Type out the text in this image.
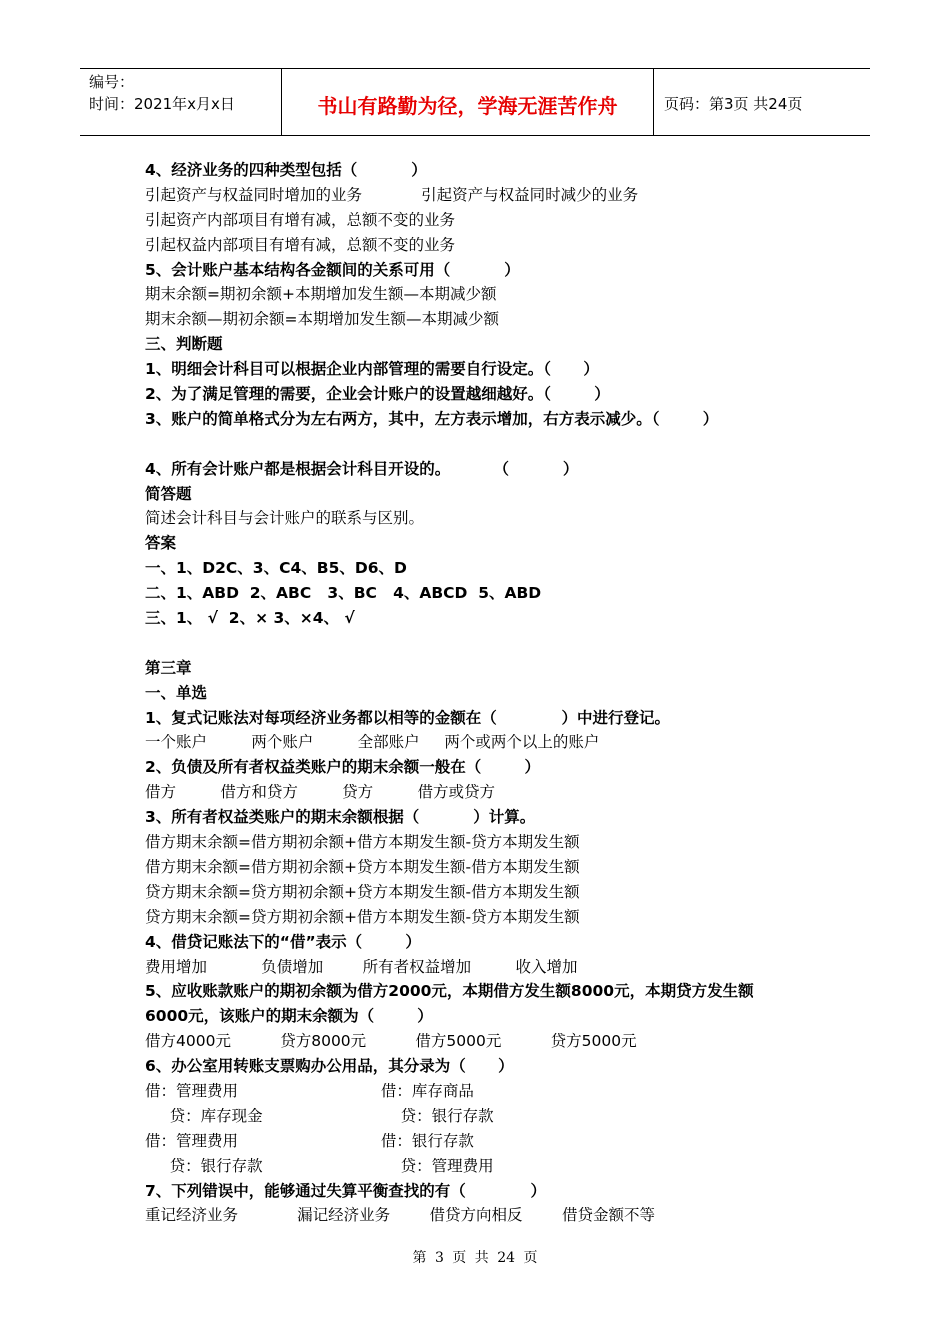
编号：
时间：2021年x月x日	书山有路勤为径，学海无涯苦作舟	页码：第3页 共24页
4、经济业务的四种类型包括（          ）
引起资产与权益同时增加的业务            引起资产与权益同时减少的业务
引起资产内部项目有增有减，总额不变的业务
引起权益内部项目有增有减，总额不变的业务
5、会计账户基本结构各金额间的关系可用（          ）
期末余额=期初余额+本期增加发生额—本期减少额
期末余额—期初余额=本期增加发生额—本期减少额
三、判断题
1、明细会计科目可以根据企业内部管理的需要自行设定。（      ）
2、为了满足管理的需要，企业会计账户的设置越细越好。（        ）
3、账户的简单格式分为左右两方，其中，左方表示增加，右方表示减少。（        ）
4、所有会计账户都是根据会计科目开设的。        （          ）
简答题
简述会计科目与会计账户的联系与区别。
答案
一、1、D2C、3、C4、B5、D6、D
二、1、ABD  2、ABC   3、BC   4、ABCD  5、ABD
三、1、 √  2、× 3、×4、 √
第三章
一、单选
1、复式记账法对每项经济业务都以相等的金额在（            ）中进行登记。
一个账户         两个账户         全部账户     两个或两个以上的账户
2、负债及所有者权益类账户的期末余额一般在（        ）
借方         借方和贷方         贷方         借方或贷方
3、所有者权益类账户的期末余额根据（          ）计算。
借方期末余额=借方期初余额+借方本期发生额-贷方本期发生额
借方期末余额=借方期初余额+贷方本期发生额-借方本期发生额
贷方期末余额=贷方期初余额+贷方本期发生额-借方本期发生额
贷方期末余额=贷方期初余额+借方本期发生额-贷方本期发生额
4、借贷记账法下的“借”表示（        ）
费用增加           负债增加        所有者权益增加         收入增加
5、应收账款账户的期初余额为借方2000元，本期借方发生额8000元，本期贷方发生额
6000元，该账户的期末余额为（        ）
借方4000元          贷方8000元          借方5000元          贷方5000元
6、办公室用转账支票购办公用品，其分录为（      ）
借：管理费用                             借：库存商品
贷：库存现金                            贷：银行存款
借：管理费用                             借：银行存款
贷：银行存款                            贷：管理费用
7、下列错误中，能够通过失算平衡查找的有（            ）
重记经济业务            漏记经济业务        借贷方向相反        借贷金额不等
第 3 页 共 24 页
